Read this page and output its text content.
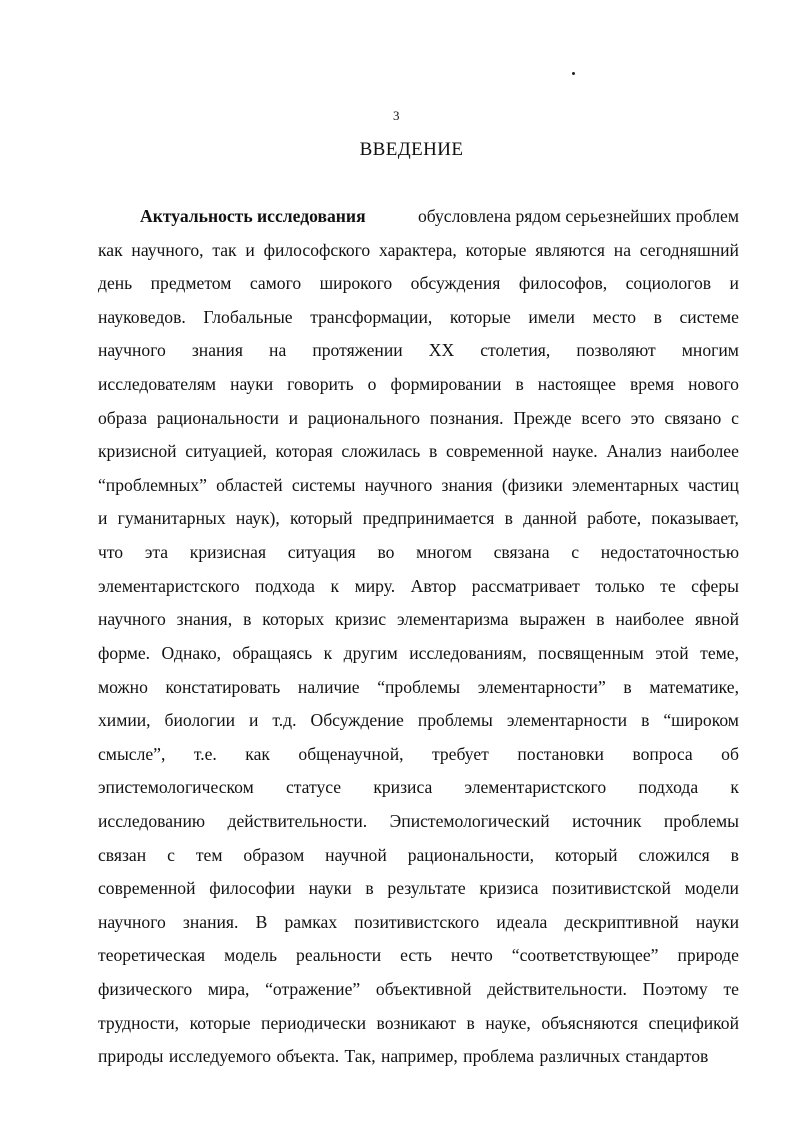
3
ВВЕДЕНИЕ
Актуальность исследования	обусловлена рядом серьезнейших проблем
как научного, так и философского характера, которые являются на сегодняшний
день предметом самого широкого обсуждения философов, социологов и
науковедов. Глобальные трансформации, которые имели место в системе
научного знания на протяжении XX столетия, позволяют многим
исследователям науки говорить о формировании в настоящее время нового
образа рациональности и рационального познания. Прежде всего это связано с
кризисной ситуацией, которая сложилась в современной науке. Анализ наиболее
“проблемных” областей системы научного знания (физики элементарных частиц
и гуманитарных наук), который предпринимается в данной работе, показывает,
что эта кризисная ситуация во многом связана с недостаточностью
элементаристского подхода к миру. Автор рассматривает только те сферы
научного знания, в которых кризис элементаризма выражен в наиболее явной
форме. Однако, обращаясь к другим исследованиям, посвященным этой теме,
можно констатировать наличие “проблемы элементарности” в математике,
химии, биологии и т.д. Обсуждение проблемы элементарности в “широком
смысле”, т.е. как общенаучной, требует постановки вопроса об
эпистемологическом статусе кризиса элементаристского подхода к
исследованию действительности. Эпистемологический источник проблемы
связан с тем образом научной рациональности, который сложился в
современной философии науки в результате кризиса позитивистской модели
научного знания. В рамках позитивистского идеала дескриптивной науки
теоретическая модель реальности есть нечто “соответствующее” природе
физического мира, “отражение” объективной действительности. Поэтому те
трудности, которые периодически возникают в науке, объясняются спецификой
природы исследуемого объекта. Так, например, проблема различных стандартов
